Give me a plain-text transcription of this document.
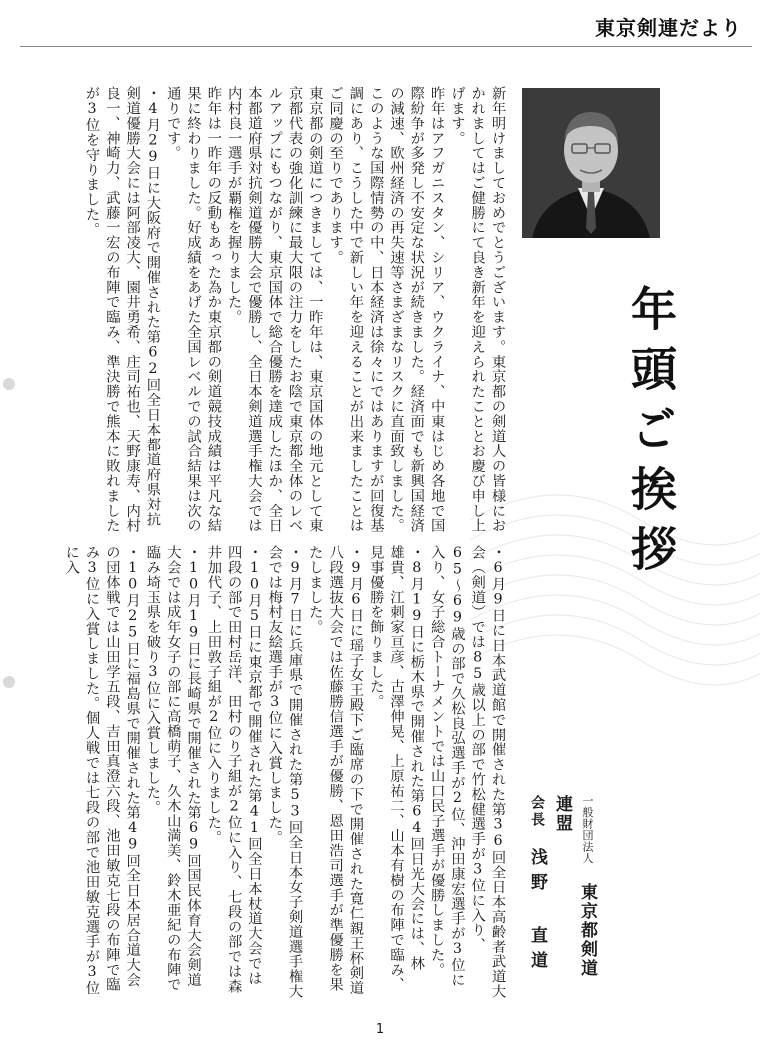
東京剣連だより
年頭ご挨拶
新年明けましておめでとうございます。東京都の剣道人の皆様におかれましてはご健勝にて良き新年を迎えられたこととお慶び申し上げます。
昨年はアフガニスタン、シリア、ウクライナ、中東はじめ各地で国際紛争が多発し不安定な状況が続きました。経済面でも新興国経済の減速、欧州経済の再失速等さまざまなリスクに直面致しました。
このような国際情勢の中、日本経済は徐々にではありますが回復基調にあり、こうした中で新しい年を迎えることが出来ましたことはご同慶の至りであります。
東京都の剣道につきましては、一昨年は、東京国体の地元として東京都代表の強化訓練に最大限の注力をしたお陰で東京都全体のレベルアップにもつながり、東京国体で総合優勝を達成したほか、全日本都道府県対抗剣道優勝大会で優勝し、全日本剣道選手権大会では内村良一選手が覇権を握りました。
昨年は一昨年の反動もあった為か東京都の剣道競技成績は平凡な結果に終わりました。好成績をあげた全国レベルでの試合結果は次の通りです。
・4月29日に大阪府で開催された第62回全日本都道府県対抗剣道優勝大会には阿部凌大、園井勇希、庄司祐也、天野康寿、内村良一、神崎力、武藤一宏の布陣で臨み、準決勝で熊本に敗れましたが3位を守りました。
・6月9日に日本武道館で開催された第36回全日本高齢者武道大会（剣道）では85歳以上の部で竹松健選手が3位に入り、65〜69歳の部で久松良弘選手が2位、沖田康宏選手が3位に入り、女子総合トーナメントでは山口民子選手が優勝しました。
・8月19日に栃木県で開催された第64回日光大会には、林　雄貴、江刺家亘彦、古澤伸晃、上原祐二、山本有樹の布陣で臨み、見事優勝を飾りました。
・9月6日に瑶子女王殿下ご臨席の下で開催された寛仁親王杯剣道八段選抜大会では佐藤勝信選手が優勝、恩田浩司選手が準優勝を果たしました。
・9月7日に兵庫県で開催された第53回全日本女子剣道選手権大会では梅村友絵選手が3位に入賞しました。
・10月5日に東京都で開催された第41回全日本杖道大会では四段の部で田村岳洋、田村のり子組が2位に入り、七段の部では森井加代子、上田敦子組が2位に入りました。
・10月19日に長崎県で開催された第69回国民体育大会剣道大会では成年女子の部に高橋萌子、久木山満美、鈴木亜紀の布陣で臨み埼玉県を破り3位に入賞しました。
・10月25日に福島県で開催された第49回全日本居合道大会の団体戦では山田学五段、吉田真澄六段、池田敏克七段の布陣で臨み3位に入賞しました。個人戦では七段の部で池田敏克選手が3位に入
一般財団法人 東京都剣道連盟
会長 浅野 直道
1
